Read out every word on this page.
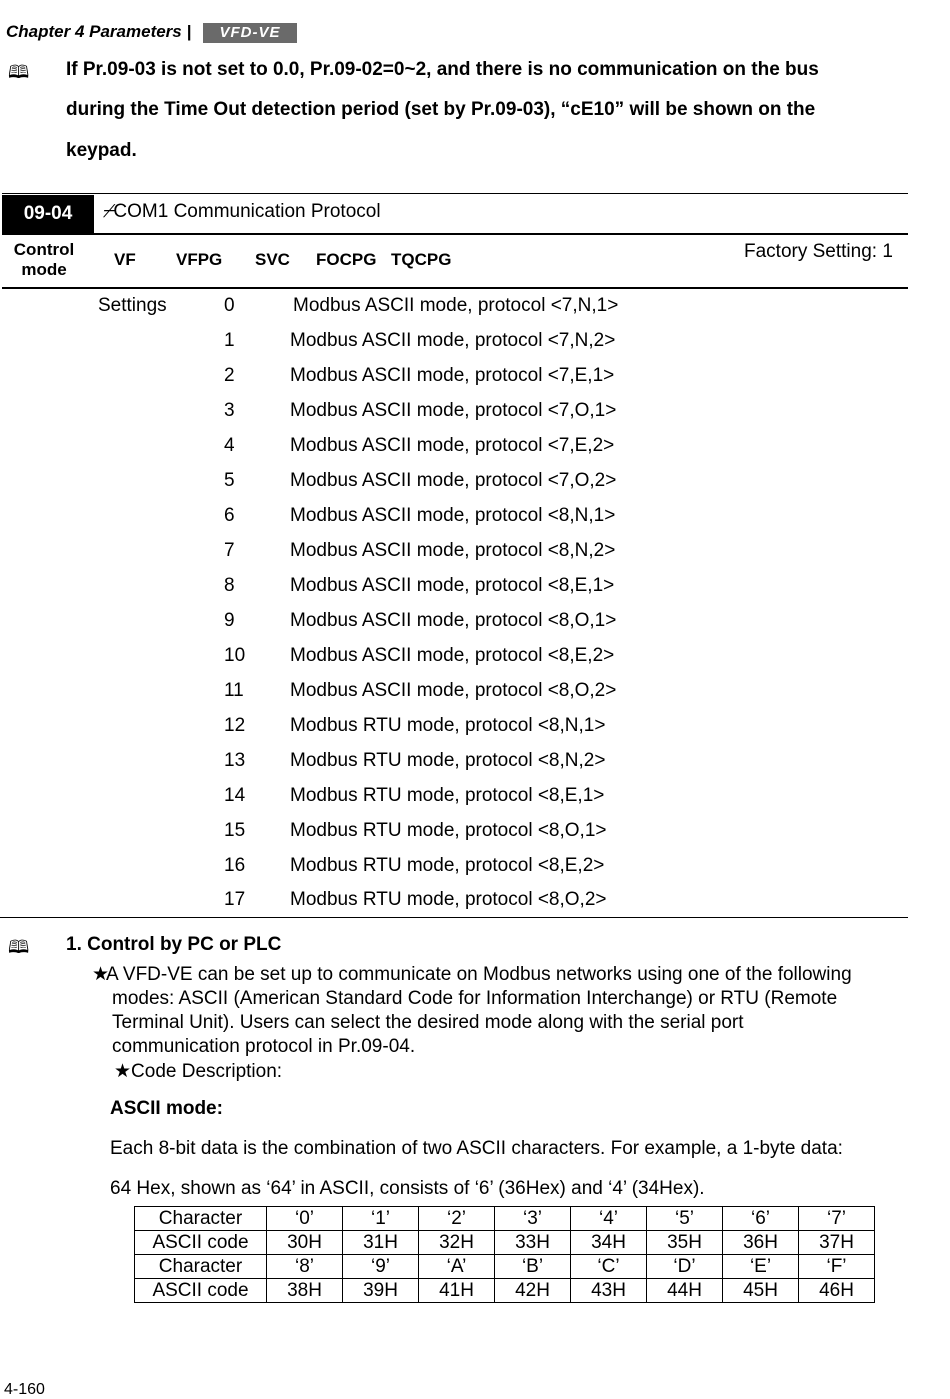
Chapter 4 Parameters |	VFD-VE
🕮 If Pr.09-03 is not set to 0.0, Pr.09-02=0~2, and there is no communication on the bus
during the Time Out detection period (set by Pr.09-03), “cE10” will be shown on the
keypad.
09-04	⌿COM1 Communication Protocol
Control mode
VF VFPG SVC FOCPG TQCPG	Factory Setting: 1
Settings	0	Modbus ASCII mode, protocol <7,N,1>
1	Modbus ASCII mode, protocol <7,N,2>
2	Modbus ASCII mode, protocol <7,E,1>
3	Modbus ASCII mode, protocol <7,O,1>
4	Modbus ASCII mode, protocol <7,E,2>
5	Modbus ASCII mode, protocol <7,O,2>
6	Modbus ASCII mode, protocol <8,N,1>
7	Modbus ASCII mode, protocol <8,N,2>
8	Modbus ASCII mode, protocol <8,E,1>
9	Modbus ASCII mode, protocol <8,O,1>
10 Modbus ASCII mode, protocol <8,E,2>
11 Modbus ASCII mode, protocol <8,O,2>
12 Modbus RTU mode, protocol <8,N,1>
13 Modbus RTU mode, protocol <8,N,2>
14 Modbus RTU mode, protocol <8,E,1>
15 Modbus RTU mode, protocol <8,O,1>
16 Modbus RTU mode, protocol <8,E,2>
17 Modbus RTU mode, protocol <8,O,2>
🕮 1. Control by PC or PLC
★A VFD-VE can be set up to communicate on Modbus networks using one of the following
modes: ASCII (American Standard Code for Information Interchange) or RTU (Remote
Terminal Unit). Users can select the desired mode along with the serial port
communication protocol in Pr.09-04.
★Code Description:
ASCII mode:
Each 8-bit data is the combination of two ASCII characters. For example, a 1-byte data:
64 Hex, shown as ‘64’ in ASCII, consists of ‘6’ (36Hex) and ‘4’ (34Hex).
Character	‘0’	‘1’	‘2’	‘3’	‘4’	‘5’	‘6’	‘7’
ASCII code	30H	31H	32H	33H	34H	35H	36H	37H
Character	‘8’	‘9’	‘A’	‘B’	‘C’	‘D’	‘E’	‘F’
ASCII code	38H	39H	41H	42H	43H	44H	45H	46H
4-160
